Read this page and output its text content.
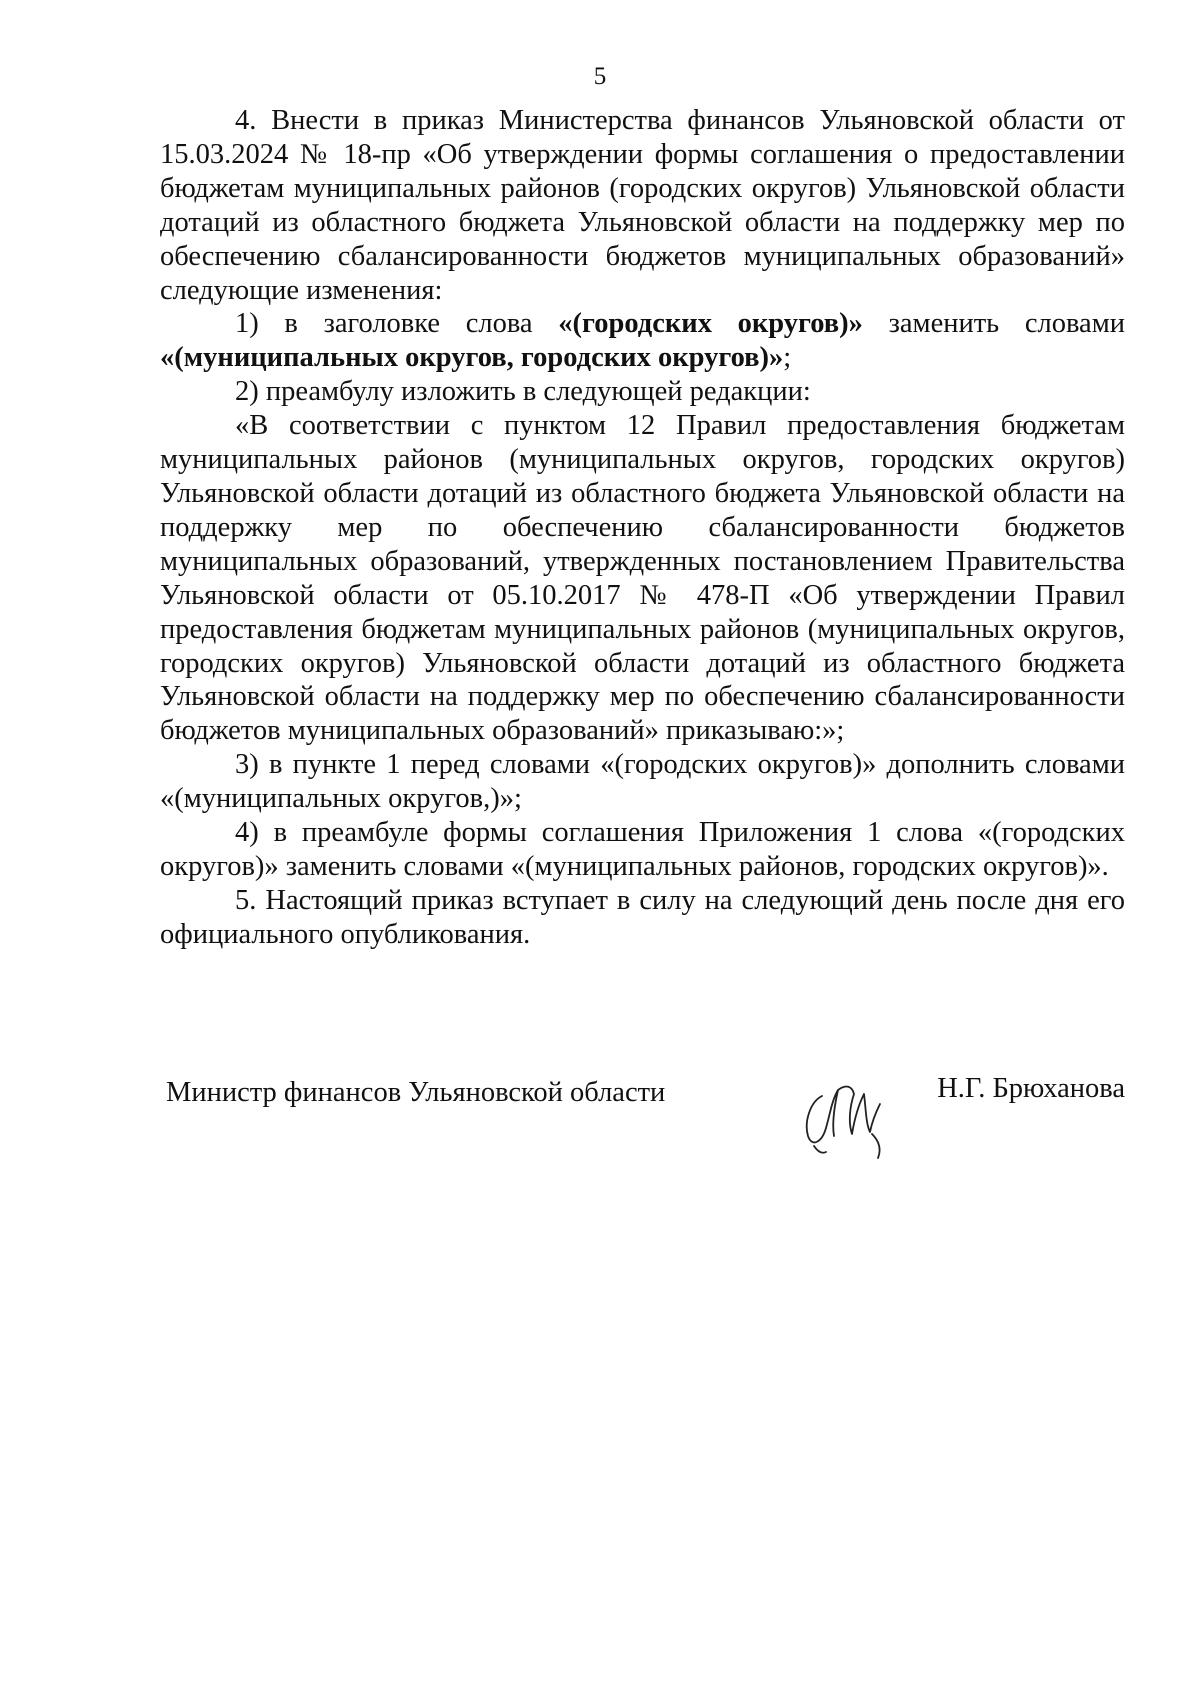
5

4. Внести в приказ Министерства финансов Ульяновской области от 15.03.2024 № 18-пр «Об утверждении формы соглашения о предоставлении бюджетам муниципальных районов (городских округов) Ульяновской области дотаций из областного бюджета Ульяновской области на поддержку мер по обеспечению сбалансированности бюджетов муниципальных образований» следующие изменения:

1) в заголовке слова «(городских округов)» заменить словами «(муниципальных округов, городских округов)»;

2) преамбулу изложить в следующей редакции:

«В соответствии с пунктом 12 Правил предоставления бюджетам муниципальных районов (муниципальных округов, городских округов) Ульяновской области дотаций из областного бюджета Ульяновской области на поддержку мер по обеспечению сбалансированности бюджетов муниципальных образований, утвержденных постановлением Правительства Ульяновской области от 05.10.2017 № 478-П «Об утверждении Правил предоставления бюджетам муниципальных районов (муниципальных округов, городских округов) Ульяновской области дотаций из областного бюджета Ульяновской области на поддержку мер по обеспечению сбалансированности бюджетов муниципальных образований» приказываю:»;

3) в пункте 1 перед словами «(городских округов)» дополнить словами «(муниципальных округов,)»;

4) в преамбуле формы соглашения Приложения 1 слова «(городских округов)» заменить словами «(муниципальных районов, городских округов)».

5. Настоящий приказ вступает в силу на следующий день после дня его официального опубликования.

Министр финансов Ульяновской области	Н.Г. Брюханова
